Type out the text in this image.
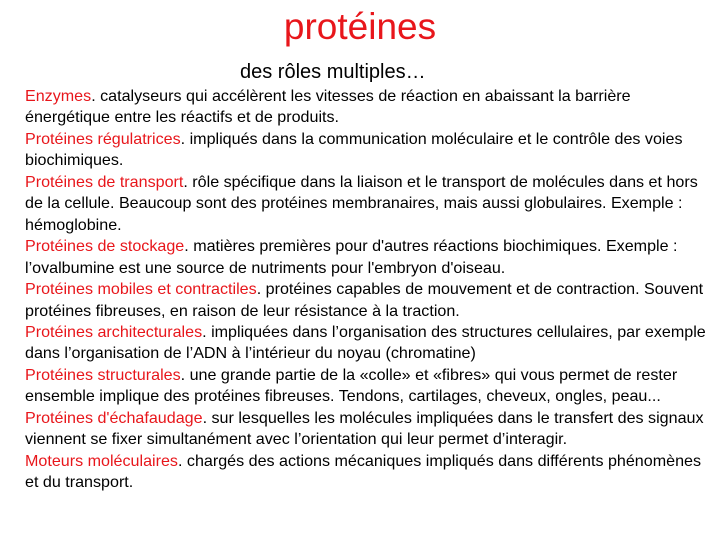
protéines
des rôles multiples…

Enzymes. catalyseurs qui accélèrent les vitesses de réaction en abaissant la barrière énergétique entre les réactifs et de produits.

Protéines régulatrices. impliqués dans la communication moléculaire et le contrôle des voies biochimiques.

Protéines de transport. rôle spécifique dans la liaison et le transport de molécules dans et hors de la cellule. Beaucoup sont des protéines membranaires, mais aussi globulaires. Exemple : hémoglobine.

Protéines de stockage. matières premières pour d'autres réactions biochimiques. Exemple : l’ovalbumine est une source de nutriments pour l'embryon d'oiseau.

Protéines mobiles et contractiles. protéines capables de mouvement et de contraction. Souvent protéines fibreuses, en raison de leur résistance à la traction.

Protéines architecturales. impliquées dans l’organisation des structures cellulaires, par exemple dans l’organisation de l’ADN à l’intérieur du noyau (chromatine)

Protéines structurales. une grande partie de la «colle» et «fibres» qui vous permet de rester ensemble implique des protéines fibreuses. Tendons, cartilages, cheveux, ongles, peau...

Protéines d'échafaudage. sur lesquelles les molécules impliquées dans le transfert des signaux viennent se fixer simultanément avec l’orientation qui leur permet d’interagir.

Moteurs moléculaires. chargés des actions mécaniques impliqués dans différents phénomènes et du transport.
